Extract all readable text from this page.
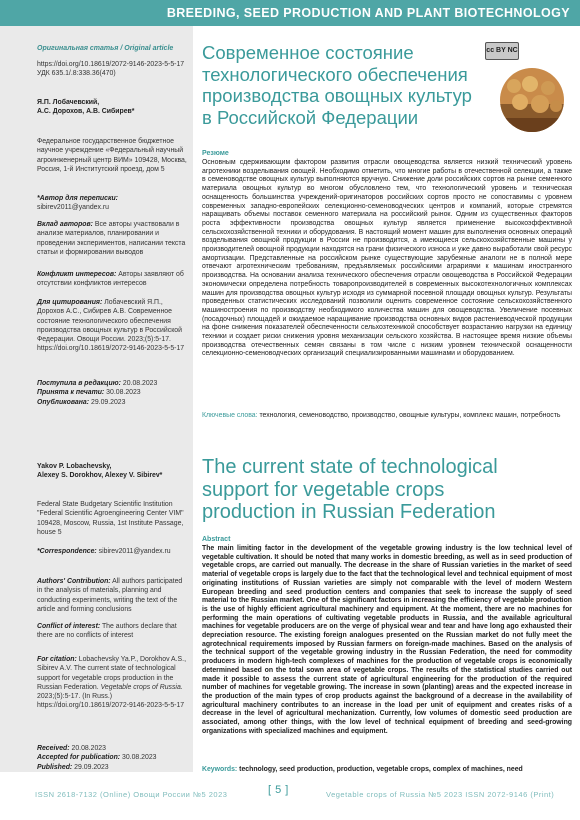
BREEDING, SEED PRODUCTION AND PLANT BIOTECHNOLOGY
Оригинальная статья / Original article
https://doi.org/10.18619/2072-9146-2023-5-5-17
УДК 635.1/.8:338.36(470)
Я.П. Лобачевский,
А.С. Дорохов, А.В. Сибирев*
Федеральное государственное бюджетное научное учреждение «Федеральный научный агроинженерный центр ВИМ» 109428, Москва, Россия, 1-й Институтский проезд, дом 5
*Автор для переписки: sibirev2011@yandex.ru
Вклад авторов: Все авторы участвовали в анализе материалов, планировании и проведении экспериментов, написании текста статьи и формировании выводов
Конфликт интересов: Авторы заявляют об отсутствии конфликтов интересов
Для цитирования: Лобачевский Я.П., Дорохов А.С., Сибирев А.В. Современное состояние технологического обеспечения производства овощных культур в Российской Федерации. Овощи России. 2023;(5):5-17.
https://doi.org/10.18619/2072-9146-2023-5-5-17
Поступила в редакцию: 20.08.2023
Принята к печати: 30.08.2023
Опубликована: 29.09.2023
Yakov P. Lobachevsky,
Alexey S. Dorokhov, Alexey V. Sibirev*
Federal State Budgetary Scientific Institution "Federal Scientific Agroengineering Center VIM" 109428, Moscow, Russia, 1st Institute Passage, house 5
*Correspondence: sibirev2011@yandex.ru
Authors' Contribution: All authors participated in the analysis of materials, planning and conducting experiments, writing the text of the article and forming conclusions
Conflict of interest: The authors declare that there are no conflicts of interest
For citation: Lobachevsky Ya.P., Dorokhov A.S., Sibirev A.V. The current state of technological support for vegetable crops production in the Russian Federation. Vegetable crops of Russia. 2023;(5):5-17. (In Russ.)
https://doi.org/10.18619/2072-9146-2023-5-5-17
Received: 20.08.2023
Accepted for publication: 30.08.2023
Published: 29.09.2023
Современное состояние технологического обеспечения производства овощных культур в Российской Федерации
cc BY NC
Резюме
Основным сдерживающим фактором развития отрасли овощеводства является низкий технический уровень агротехники возделывания овощей. Необходимо отметить, что многие работы в отечественной селекции, а также в семеноводстве овощных культур выполняются вручную. Снижение доли российских сортов на рынке семенного материала овощных культур во многом обусловлено тем, что технологический уровень и техническая оснащенность большинства учреждений-оригинаторов российских сортов просто не сопоставимы с уровнем современных западно-европейских селекционно-семеноводческих центров и компаний, которые стремятся наращивать объемы поставок семенного материала на российский рынок. Одним из существенных факторов роста эффективности производства овощных культур является применение высокоэффективной сельскохозяйственной техники и оборудования. В настоящий момент машин для выполнения основных операций возделывания овощной продукции в России не производится, а имеющиеся сельскохозяйственные машины у производителей овощной продукции находятся на грани физического износа и уже давно выработали свой ресурс амортизации. Представленные на российском рынке существующие зарубежные аналоги не в полной мере отвечают агротехническим требованиям, предъявляемых российскими аграриями к машинам иностранного производства. На основании анализа технического обеспечения отрасли овощеводства в Российской Федерации экономически определена потребность товаропроизводителей в современных высокотехнологичных комплексах машин для производства овощных культур исходя из суммарной посевной площади овощных культур. Результаты проведенных статистических исследований позволили оценить современное состояние сельскохозяйственного машиностроения по производству необходимого количества машин для овощеводства. Увеличение посевных (посадочных) площадей и ожидаемое наращивание производства основных видов растениеводческой продукции на фоне снижения показателей обеспеченности сельхозтехникой способствует возрастанию нагрузки на единицу техники и создает риски снижения уровня механизации сельского хозяйства. В настоящее время низкие объемы производства отечественных семян связаны в том числе с низким уровнем технической оснащенности селекционно-семеноводческих организаций специализированными машинами и оборудованием.
Ключевые слова: технология, семеноводство, производство, овощные культуры, комплекс машин, потребность
The current state of technological support for vegetable crops production in Russian Federation
Abstract
The main limiting factor in the development of the vegetable growing industry is the low technical level of vegetable cultivation. It should be noted that many works in domestic breeding, as well as in seed production of vegetable crops, are carried out manually. The decrease in the share of Russian varieties in the market of seed material of vegetable crops is largely due to the fact that the technological level and technical equipment of most originating institutions of Russian varieties are simply not comparable with the level of modern Western European breeding and seed production centers and companies that seek to increase the supply of seed material to the Russian market. One of the significant factors in increasing the efficiency of vegetable production is the use of highly efficient agricultural machinery and equipment. At the moment, there are no machines for performing the main operations of cultivating vegetable products in Russia, and the available agricultural machines for vegetable producers are on the verge of physical wear and tear and have long ago exhausted their depreciation resource. The existing foreign analogues presented on the Russian market do not fully meet the agrotechnical requirements imposed by Russian farmers on foreign-made machines. Based on the analysis of the technical support of the vegetable growing industry in the Russian Federation, the need for commodity producers in modern high-tech complexes of machines for the production of vegetable crops is economically determined based on the total sown area of vegetable crops. The results of the statistical studies carried out made it possible to assess the current state of agricultural engineering for the production of the required number of machines for vegetable growing. The increase in sown (planting) areas and the expected increase in the production of the main types of crop products against the background of a decrease in the availability of agricultural machinery contributes to an increase in the load per unit of equipment and creates risks of a decrease in the level of agricultural mechanization. Currently, low volumes of domestic seed production are associated, among other things, with the low level of technical equipment of breeding and seed-growing organizations with specialized machines and equipment.
Keywords: technology, seed production, production, vegetable crops, complex of machines, need
ISSN 2618-7132 (Online) Овощи России №5 2023	[ 5 ]	Vegetable crops of Russia №5 2023 ISSN 2072-9146 (Print)
